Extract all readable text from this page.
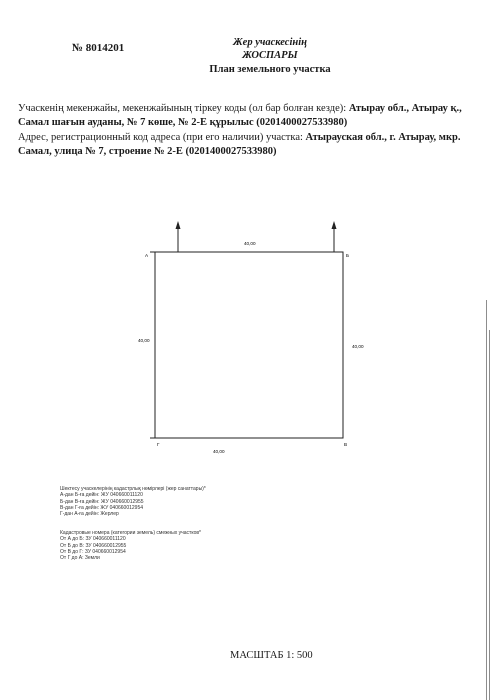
№ 8014201	Жер учаскесінің
ЖОСПАРЫ
План земельного участка
Учаскенің мекенжайы, мекенжайының тіркеу коды (ол бар болған кезде): Атырау обл., Атырау қ., Самал шағын ауданы, № 7 көше, № 2-Е құрылыс (0201400027533980)
Адрес, регистрационный код адреса (при его наличии) участка: Атырауская обл., г. Атырау, мкр. Самал, улица № 7, строение № 2-Е (0201400027533980)
А	Б
В
Г
40,00
40,00
40,00
40,00
Шектесу учаскелерінің кадастрлық нөмірлері (жер санаттары)*
А-дан Б-ға дейін: ЖУ 040660011120
Б-дан В-ға дейін: ЖУ 040660012955
В-дан Г-ға дейін: ЖУ 040660012954
Г-дан А-ға дейін: Жерлер
Кадастровые номера (категории земель) смежных участков*
От А до Б: ЗУ 040660011120
От Б до В: ЗУ 040660012955
От В до Г: ЗУ 040660012954
От Г до А: Земли
МАСШТАБ 1: 500
